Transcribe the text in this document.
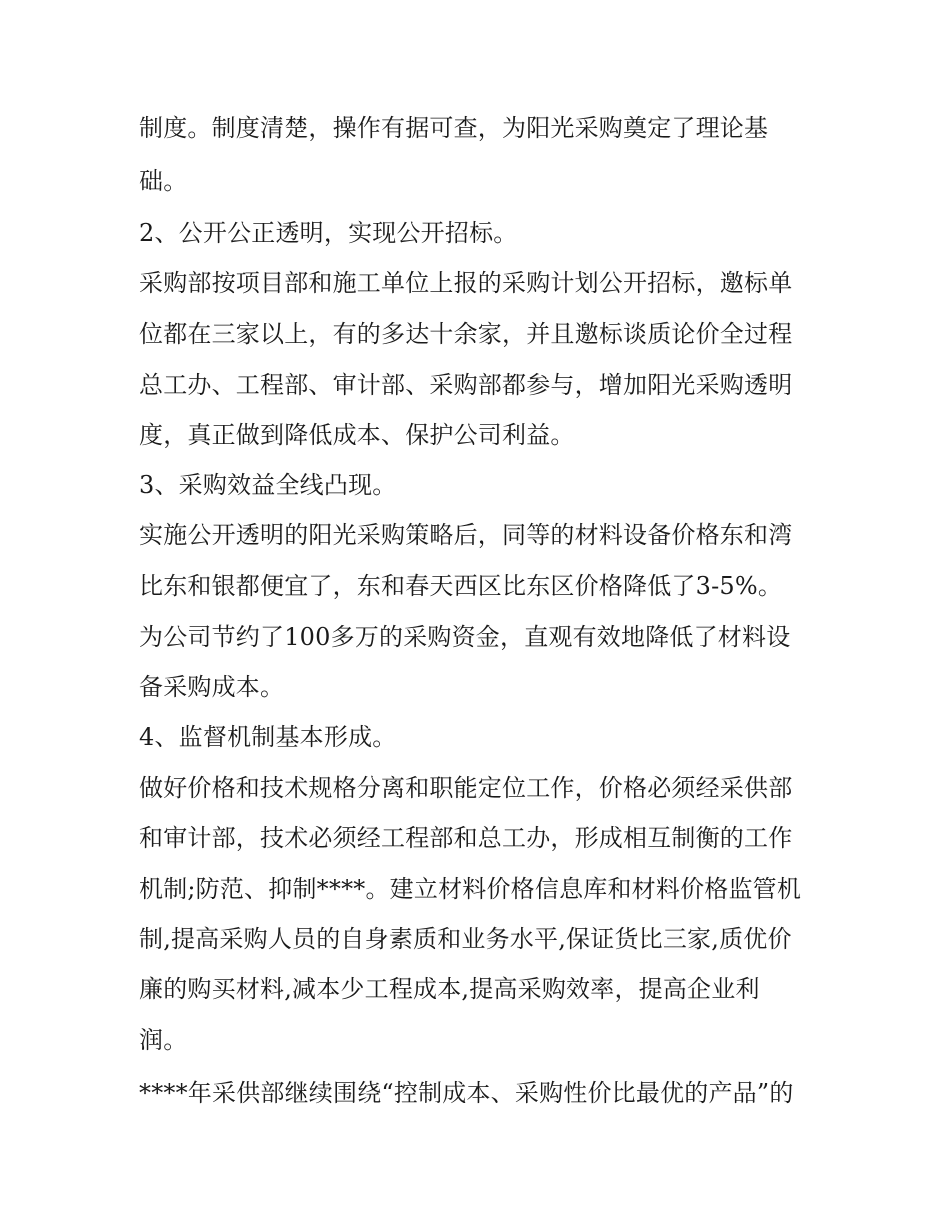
制度。制度清楚，操作有据可查，为阳光采购奠定了理论基
础。
2、公开公正透明，实现公开招标。
采购部按项目部和施工单位上报的采购计划公开招标，邀标单
位都在三家以上，有的多达十余家，并且邀标谈质论价全过程
总工办、工程部、审计部、采购部都参与，增加阳光采购透明
度，真正做到降低成本、保护公司利益。
3、采购效益全线凸现。
实施公开透明的阳光采购策略后，同等的材料设备价格东和湾
比东和银都便宜了，东和春天西区比东区价格降低了3-5%。
为公司节约了100多万的采购资金，直观有效地降低了材料设
备采购成本。
4、监督机制基本形成。
做好价格和技术规格分离和职能定位工作，价格必须经采供部
和审计部，技术必须经工程部和总工办，形成相互制衡的工作
机制;防范、抑制****。建立材料价格信息库和材料价格监管机
制,提高采购人员的自身素质和业务水平,保证货比三家,质优价
廉的购买材料,减本少工程成本,提高采购效率，提高企业利
润。
****年采供部继续围绕“控制成本、采购性价比最优的产品”的
